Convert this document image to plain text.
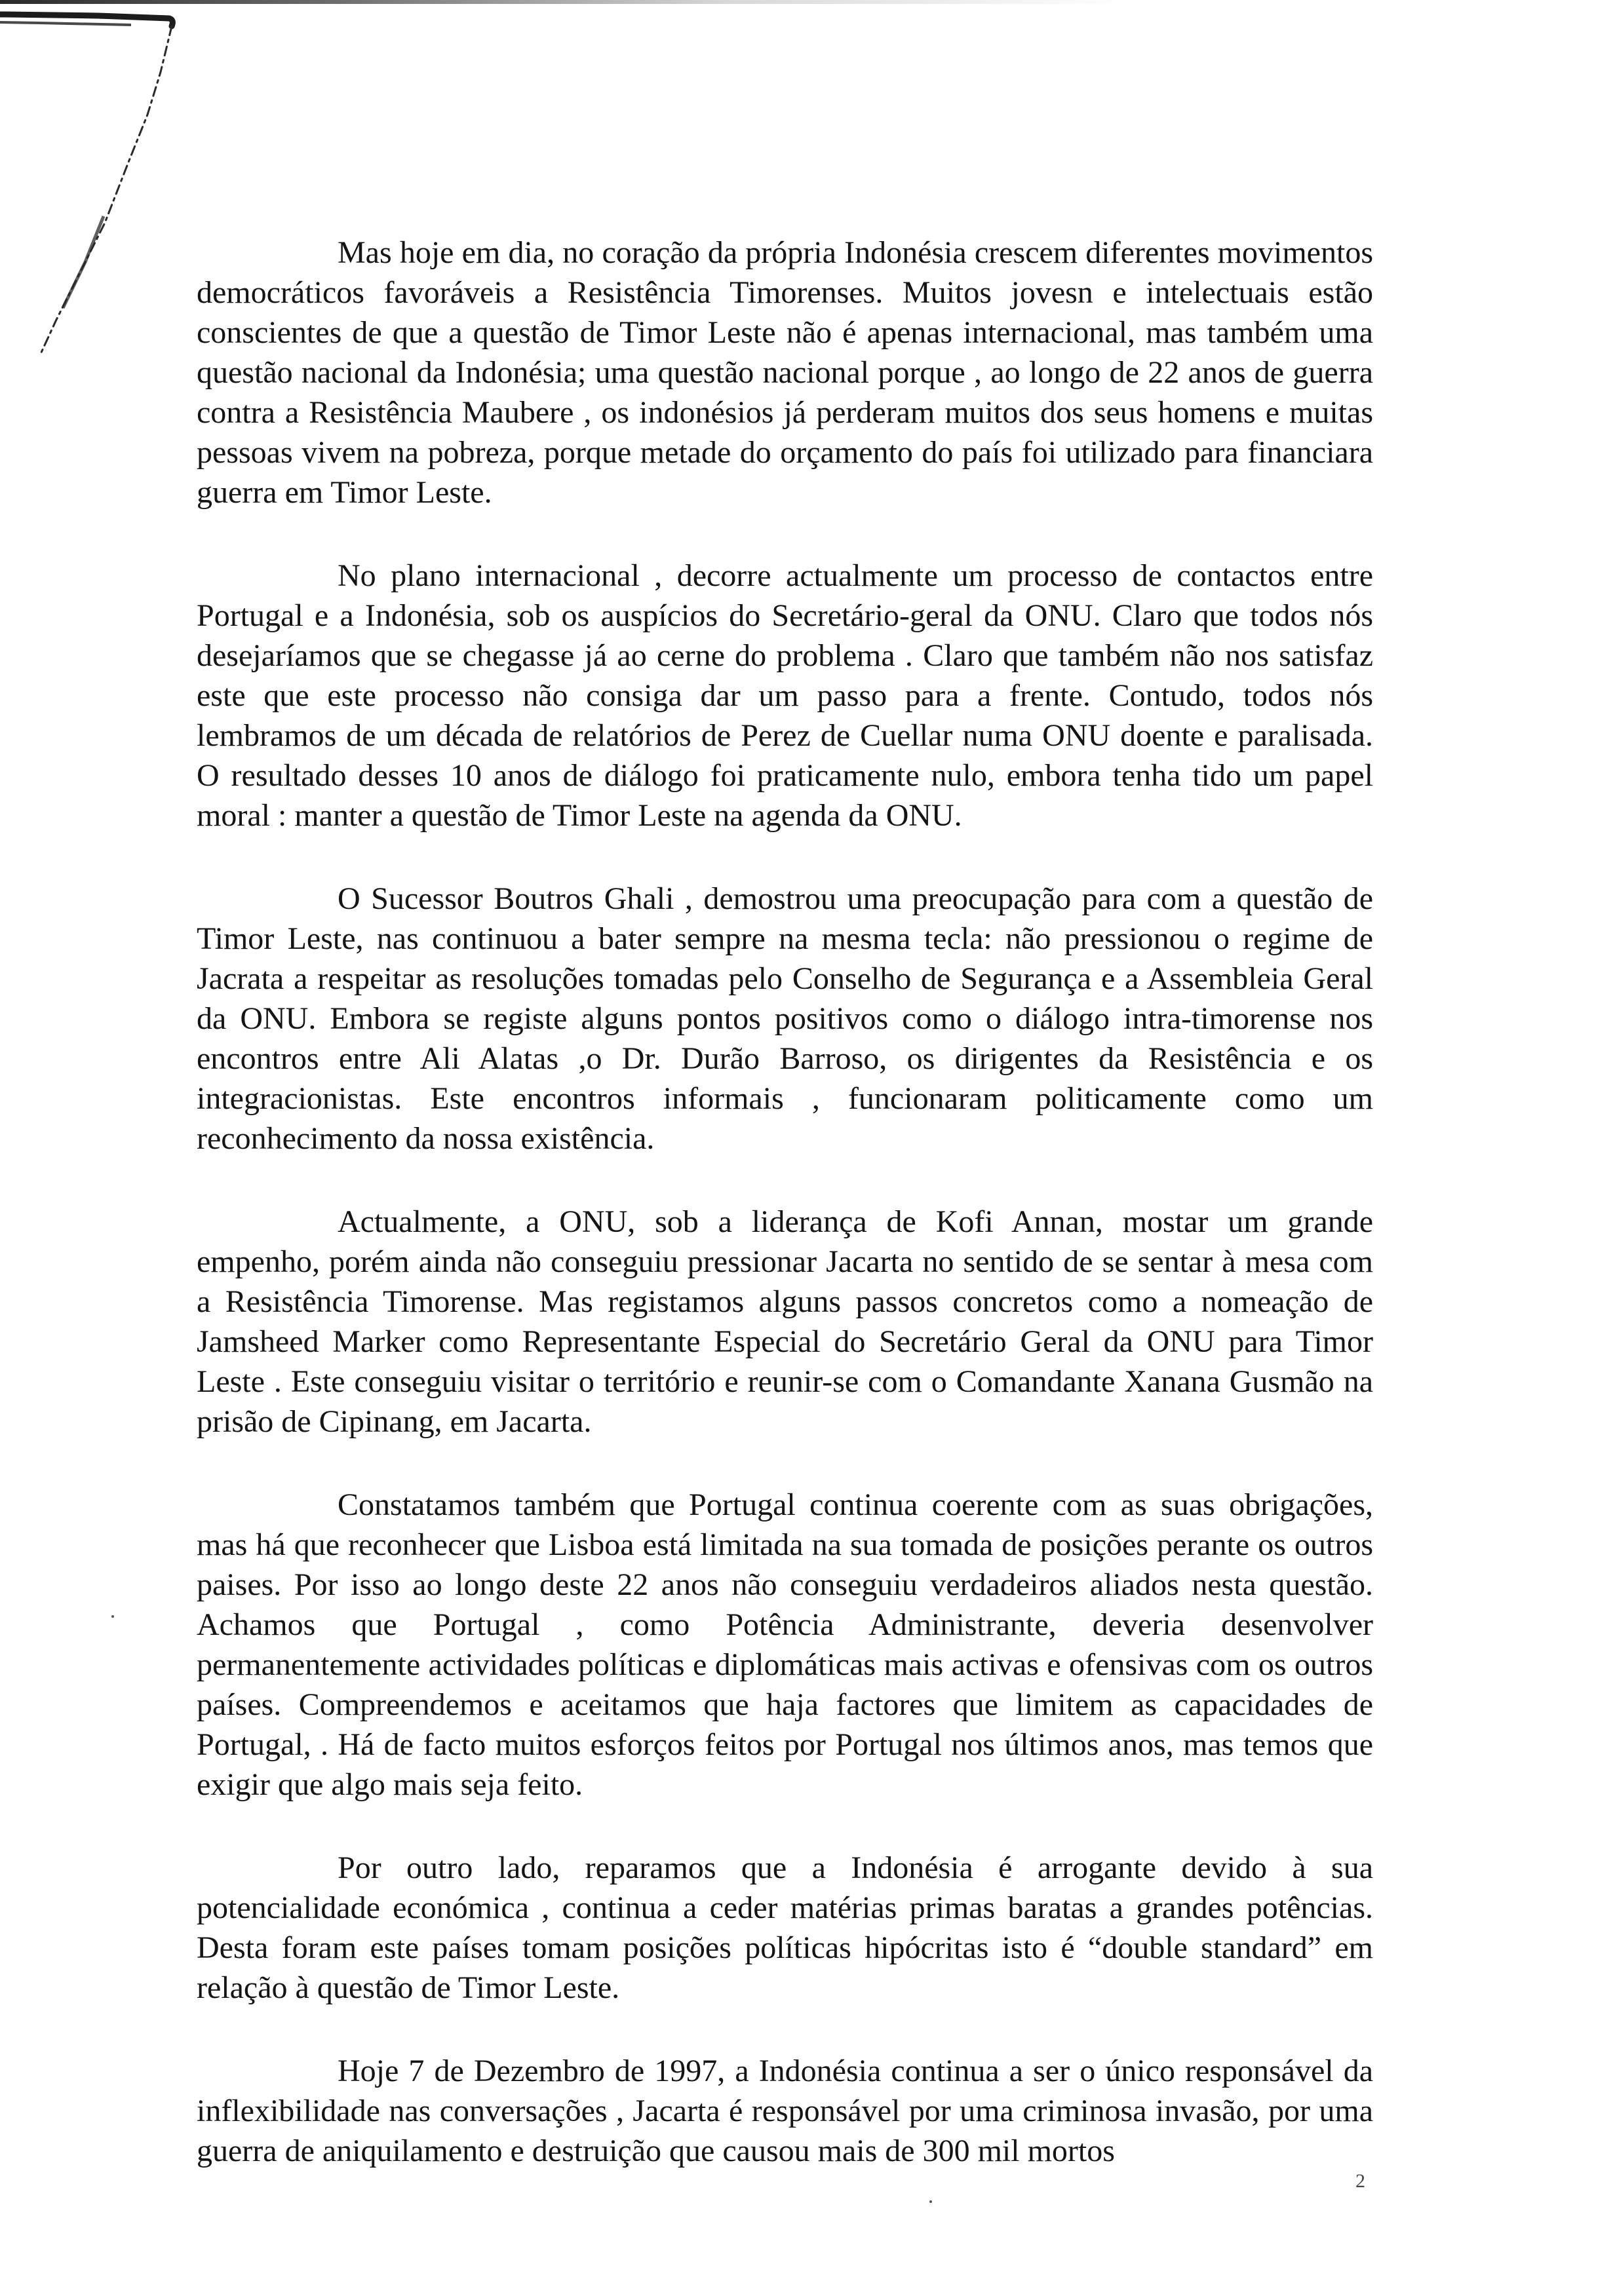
Mas hoje em dia, no coração da própria Indonésia crescem diferentes movimentos democráticos favoráveis a Resistência Timorenses. Muitos jovesn e intelectuais estão conscientes de que a questão de Timor Leste não é apenas internacional, mas também uma questão nacional da Indonésia; uma questão nacional porque , ao longo de 22 anos de guerra contra a Resistência Maubere , os indonésios já perderam muitos dos seus homens e muitas pessoas vivem na pobreza, porque metade do orçamento do país foi utilizado para financiara guerra em Timor Leste.

No plano internacional , decorre actualmente um processo de contactos entre Portugal e a Indonésia, sob os auspícios do Secretário-geral da ONU. Claro que todos nós desejaríamos que se chegasse já ao cerne do problema . Claro que também não nos satisfaz este que este processo não consiga dar um passo para a frente. Contudo, todos nós lembramos de um década de relatórios de Perez de Cuellar numa ONU doente e paralisada. O resultado desses 10 anos de diálogo foi praticamente nulo, embora tenha tido um papel moral : manter a questão de Timor Leste na agenda da ONU.

O Sucessor Boutros Ghali , demostrou uma preocupação para com a questão de Timor Leste, nas continuou a bater sempre na mesma tecla: não pressionou o regime de Jacrata a respeitar as resoluções tomadas pelo Conselho de Segurança e a Assembleia Geral da ONU. Embora se registe alguns pontos positivos como o diálogo intra-timorense nos encontros entre Ali Alatas ,o Dr. Durão Barroso, os dirigentes da Resistência e os integracionistas. Este encontros informais , funcionaram politicamente como um reconhecimento da nossa existência.

Actualmente, a ONU, sob a liderança de Kofi Annan, mostar um grande empenho, porém ainda não conseguiu pressionar Jacarta no sentido de se sentar à mesa com a Resistência Timorense. Mas registamos alguns passos concretos como a nomeação de Jamsheed Marker como Representante Especial do Secretário Geral da ONU para Timor Leste . Este conseguiu visitar o território e reunir-se com o Comandante Xanana Gusmão na prisão de Cipinang, em Jacarta.

Constatamos também que Portugal continua coerente com as suas obrigações, mas há que reconhecer que Lisboa está limitada na sua tomada de posições perante os outros paises. Por isso ao longo deste 22 anos não conseguiu verdadeiros aliados nesta questão. Achamos que Portugal , como Potência Administrante, deveria desenvolver permanentemente actividades políticas e diplomáticas mais activas e ofensivas com os outros países. Compreendemos e aceitamos que haja factores que limitem as capacidades de Portugal, . Há de facto muitos esforços feitos por Portugal nos últimos anos, mas temos que exigir que algo mais seja feito.

Por outro lado, reparamos que a Indonésia é arrogante devido à sua potencialidade económica , continua a ceder matérias primas baratas a grandes potências. Desta foram este países tomam posições políticas hipócritas isto é “double standard” em relação à questão de Timor Leste.

Hoje 7 de Dezembro de 1997, a Indonésia continua a ser o único responsável da inflexibilidade nas conversações , Jacarta é responsável por uma criminosa invasão, por uma guerra de aniquilamento e destruição que causou mais de 300 mil mortos

2
